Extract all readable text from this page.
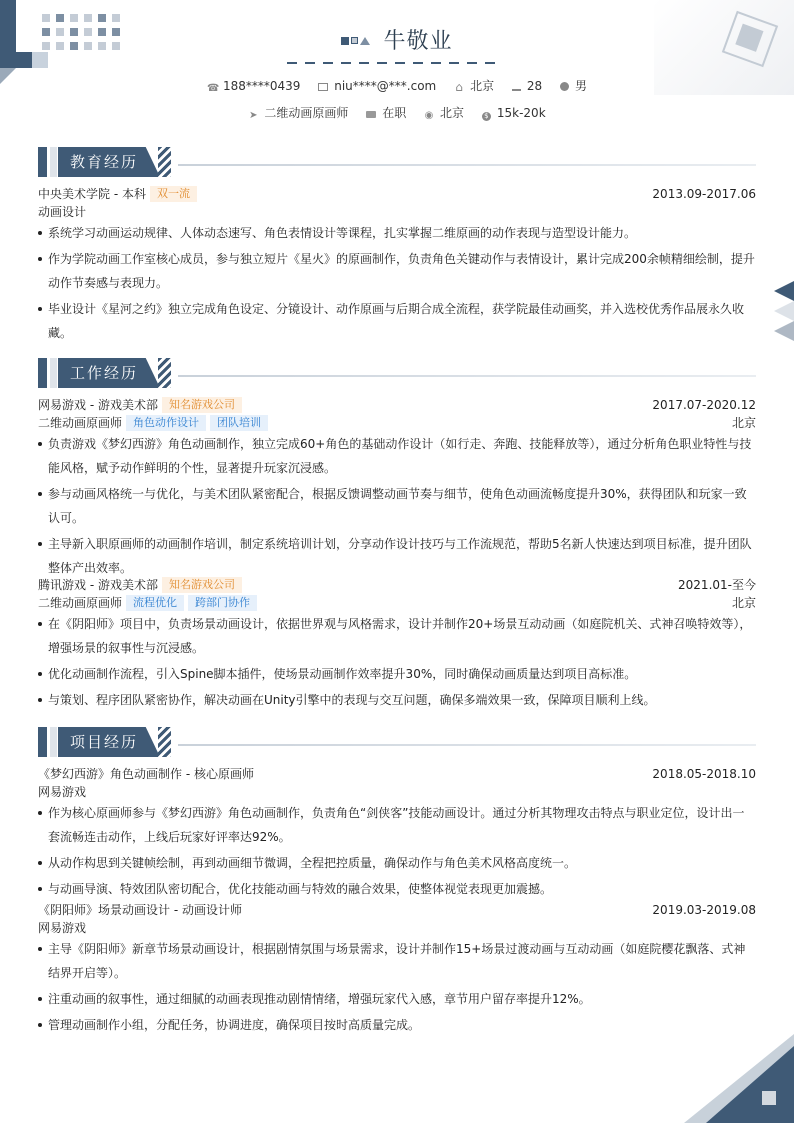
牛敬业
☎188****0439	niu****@***.com ⌂	北京	28	男
➤二维动画原画师	在职 ◉	北京	$ 15k-20k
教育经历
中央美术学院 - 本科 双一流	2013.09-2017.06
动画设计
系统学习动画运动规律、人体动态速写、角色表情设计等课程，扎实掌握二维原画的动作表现与造型设计能力。
作为学院动画工作室核心成员，参与独立短片《星火》的原画制作，负责角色关键动作与表情设计，累计完成200余帧精细绘制，提升动作节奏感与表现力。
毕业设计《星河之约》独立完成角色设定、分镜设计、动作原画与后期合成全流程，获学院最佳动画奖，并入选校优秀作品展永久收藏。
工作经历
网易游戏 - 游戏美术部 知名游戏公司	2017.07-2020.12
二维动画原画师 角色动作设计 团队培训	北京
负责游戏《梦幻西游》角色动画制作，独立完成60+角色的基础动作设计（如行走、奔跑、技能释放等），通过分析角色职业特性与技能风格，赋予动作鲜明的个性，显著提升玩家沉浸感。
参与动画风格统一与优化，与美术团队紧密配合，根据反馈调整动画节奏与细节，使角色动画流畅度提升30%，获得团队和玩家一致认可。
主导新入职原画师的动画制作培训，制定系统培训计划，分享动作设计技巧与工作流规范，帮助5名新人快速达到项目标准，提升团队整体产出效率。
腾讯游戏 - 游戏美术部 知名游戏公司	2021.01-至今
二维动画原画师 流程优化 跨部门协作	北京
在《阴阳师》项目中，负责场景动画设计，依据世界观与风格需求，设计并制作20+场景互动动画（如庭院机关、式神召唤特效等），增强场景的叙事性与沉浸感。
优化动画制作流程，引入Spine脚本插件，使场景动画制作效率提升30%，同时确保动画质量达到项目高标准。
与策划、程序团队紧密协作，解决动画在Unity引擎中的表现与交互问题，确保多端效果一致，保障项目顺利上线。
项目经历
《梦幻西游》角色动画制作 - 核心原画师	2018.05-2018.10
网易游戏
作为核心原画师参与《梦幻西游》角色动画制作，负责角色“剑侠客”技能动画设计。通过分析其物理攻击特点与职业定位，设计出一套流畅连击动作，上线后玩家好评率达92%。
从动作构思到关键帧绘制，再到动画细节微调，全程把控质量，确保动作与角色美术风格高度统一。
与动画导演、特效团队密切配合，优化技能动画与特效的融合效果，使整体视觉表现更加震撼。
《阴阳师》场景动画设计 - 动画设计师	2019.03-2019.08
网易游戏
主导《阴阳师》新章节场景动画设计，根据剧情氛围与场景需求，设计并制作15+场景过渡动画与互动动画（如庭院樱花飘落、式神结界开启等）。
注重动画的叙事性，通过细腻的动画表现推动剧情情绪，增强玩家代入感，章节用户留存率提升12%。
管理动画制作小组，分配任务，协调进度，确保项目按时高质量完成。
